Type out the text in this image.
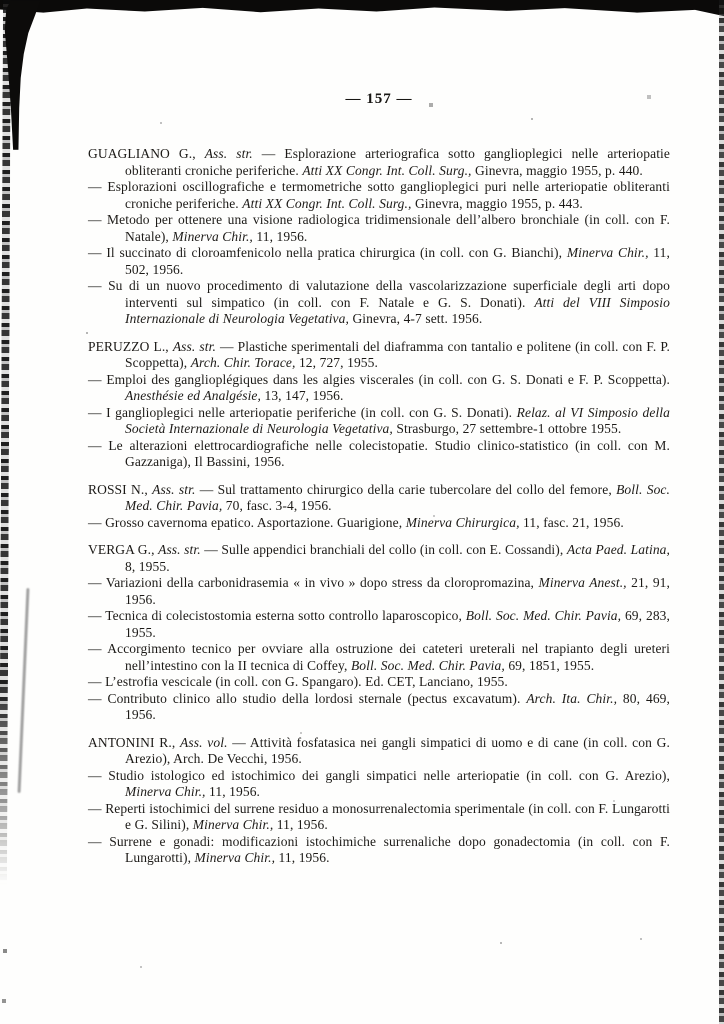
— 157 —

GUAGLIANO G., Ass. str. — Esplorazione arteriografica sotto ganglioplegici nelle arteriopatie obliteranti croniche periferiche. Atti XX Congr. Int. Coll. Surg., Ginevra, maggio 1955, p. 440.

— Esplorazioni oscillografiche e termometriche sotto ganglioplegici puri nelle arteriopatie obliteranti croniche periferiche. Atti XX Congr. Int. Coll. Surg., Ginevra, maggio 1955, p. 443.

— Metodo per ottenere una visione radiologica tridimensionale dell’albero bronchiale (in coll. con F. Natale), Minerva Chir., 11, 1956.

— Il succinato di cloroamfenicolo nella pratica chirurgica (in coll. con G. Bianchi), Minerva Chir., 11, 502, 1956.

— Su di un nuovo procedimento di valutazione della vascolarizzazione superficiale degli arti dopo interventi sul simpatico (in coll. con F. Natale e G. S. Donati). Atti del VIII Simposio Internazionale di Neurologia Vegetativa, Ginevra, 4-7 sett. 1956.

PERUZZO L., Ass. str. — Plastiche sperimentali del diaframma con tantalio e politene (in coll. con F. P. Scoppetta), Arch. Chir. Torace, 12, 727, 1955.

— Emploi des ganglioplégiques dans les algies viscerales (in coll. con G. S. Donati e F. P. Scoppetta). Anesthésie ed Analgésie, 13, 147, 1956.

— I ganglioplegici nelle arteriopatie periferiche (in coll. con G. S. Donati). Relaz. al VI Simposio della Società Internazionale di Neurologia Vegetativa, Strasburgo, 27 settembre-1 ottobre 1955.

— Le alterazioni elettrocardiografiche nelle colecistopatie. Studio clinico-statistico (in coll. con M. Gazzaniga), Il Bassini, 1956.

ROSSI N., Ass. str. — Sul trattamento chirurgico della carie tubercolare del collo del femore, Boll. Soc. Med. Chir. Pavia, 70, fasc. 3-4, 1956.

— Grosso cavernoma epatico. Asportazione. Guarigione, Minerva Chirurgica, 11, fasc. 21, 1956.

VERGA G., Ass. str. — Sulle appendici branchiali del collo (in coll. con E. Cossandi), Acta Paed. Latina, 8, 1955.

— Variazioni della carbonidrasemia « in vivo » dopo stress da cloropromazina, Minerva Anest., 21, 91, 1956.

— Tecnica di colecistostomia esterna sotto controllo laparoscopico, Boll. Soc. Med. Chir. Pavia, 69, 283, 1955.

— Accorgimento tecnico per ovviare alla ostruzione dei cateteri ureterali nel trapianto degli ureteri nell’intestino con la II tecnica di Coffey, Boll. Soc. Med. Chir. Pavia, 69, 1851, 1955.

— L’estrofia vescicale (in coll. con G. Spangaro). Ed. CET, Lanciano, 1955.

— Contributo clinico allo studio della lordosi sternale (pectus excavatum). Arch. Ita. Chir., 80, 469, 1956.

ANTONINI R., Ass. vol. — Attività fosfatasica nei gangli simpatici di uomo e di cane (in coll. con G. Arezio), Arch. De Vecchi, 1956.

— Studio istologico ed istochimico dei gangli simpatici nelle arteriopatie (in coll. con G. Arezio), Minerva Chir., 11, 1956.

— Reperti istochimici del surrene residuo a monosurrenalectomia sperimentale (in coll. con F. Lungarotti e G. Silini), Minerva Chir., 11, 1956.

— Surrene e gonadi: modificazioni istochimiche surrenaliche dopo gonadectomia (in coll. con F. Lungarotti), Minerva Chir., 11, 1956.
